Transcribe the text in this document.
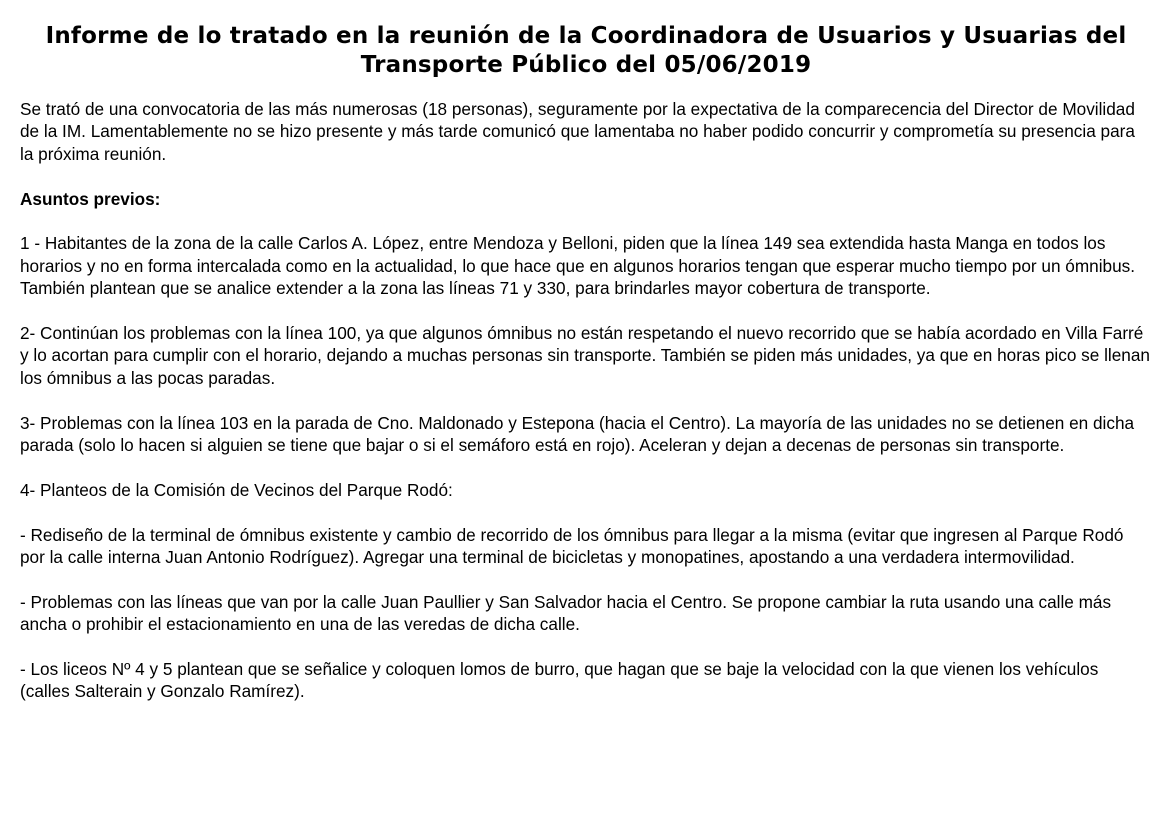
Informe de lo tratado en la reunión de la Coordinadora de Usuarios y Usuarias del Transporte Público del 05/06/2019

Se trató de una convocatoria de las más numerosas (18 personas), seguramente por la expectativa de la comparecencia del Director de Movilidad de la IM. Lamentablemente no se hizo presente y más tarde comunicó que lamentaba no haber podido concurrir y comprometía su presencia para la próxima reunión.

Asuntos previos:

1 - Habitantes de la zona de la calle Carlos A. López, entre Mendoza y Belloni, piden que la línea 149 sea extendida hasta Manga en todos los horarios y no en forma intercalada como en la actualidad, lo que hace que en algunos horarios tengan que esperar mucho tiempo por un ómnibus. También plantean que se analice extender a la zona las líneas 71 y 330, para brindarles mayor cobertura de transporte.

2- Continúan los problemas con la línea 100, ya que algunos ómnibus no están respetando el nuevo recorrido que se había acordado en Villa Farré y lo acortan para cumplir con el horario, dejando a muchas personas sin transporte. También se piden más unidades, ya que en horas pico se llenan los ómnibus a las pocas paradas.

3- Problemas con la línea 103 en la parada de Cno. Maldonado y Estepona (hacia el Centro). La mayoría de las unidades no se detienen en dicha parada (solo lo hacen si alguien se tiene que bajar o si el semáforo está en rojo). Aceleran y dejan a decenas de personas sin transporte.

4- Planteos de la Comisión de Vecinos del Parque Rodó:

- Rediseño de la terminal de ómnibus existente y cambio de recorrido de los ómnibus para llegar a la misma (evitar que ingresen al Parque Rodó por la calle interna Juan Antonio Rodríguez). Agregar una terminal de bicicletas y monopatines, apostando a una verdadera intermovilidad.

- Problemas con las líneas que van por la calle Juan Paullier y San Salvador hacia el Centro. Se propone cambiar la ruta usando una calle más ancha o prohibir el estacionamiento en una de las veredas de dicha calle.

- Los liceos Nº 4 y 5 plantean que se señalice y coloquen lomos de burro, que hagan que se baje la velocidad con la que vienen los vehículos (calles Salterain y Gonzalo Ramírez).
